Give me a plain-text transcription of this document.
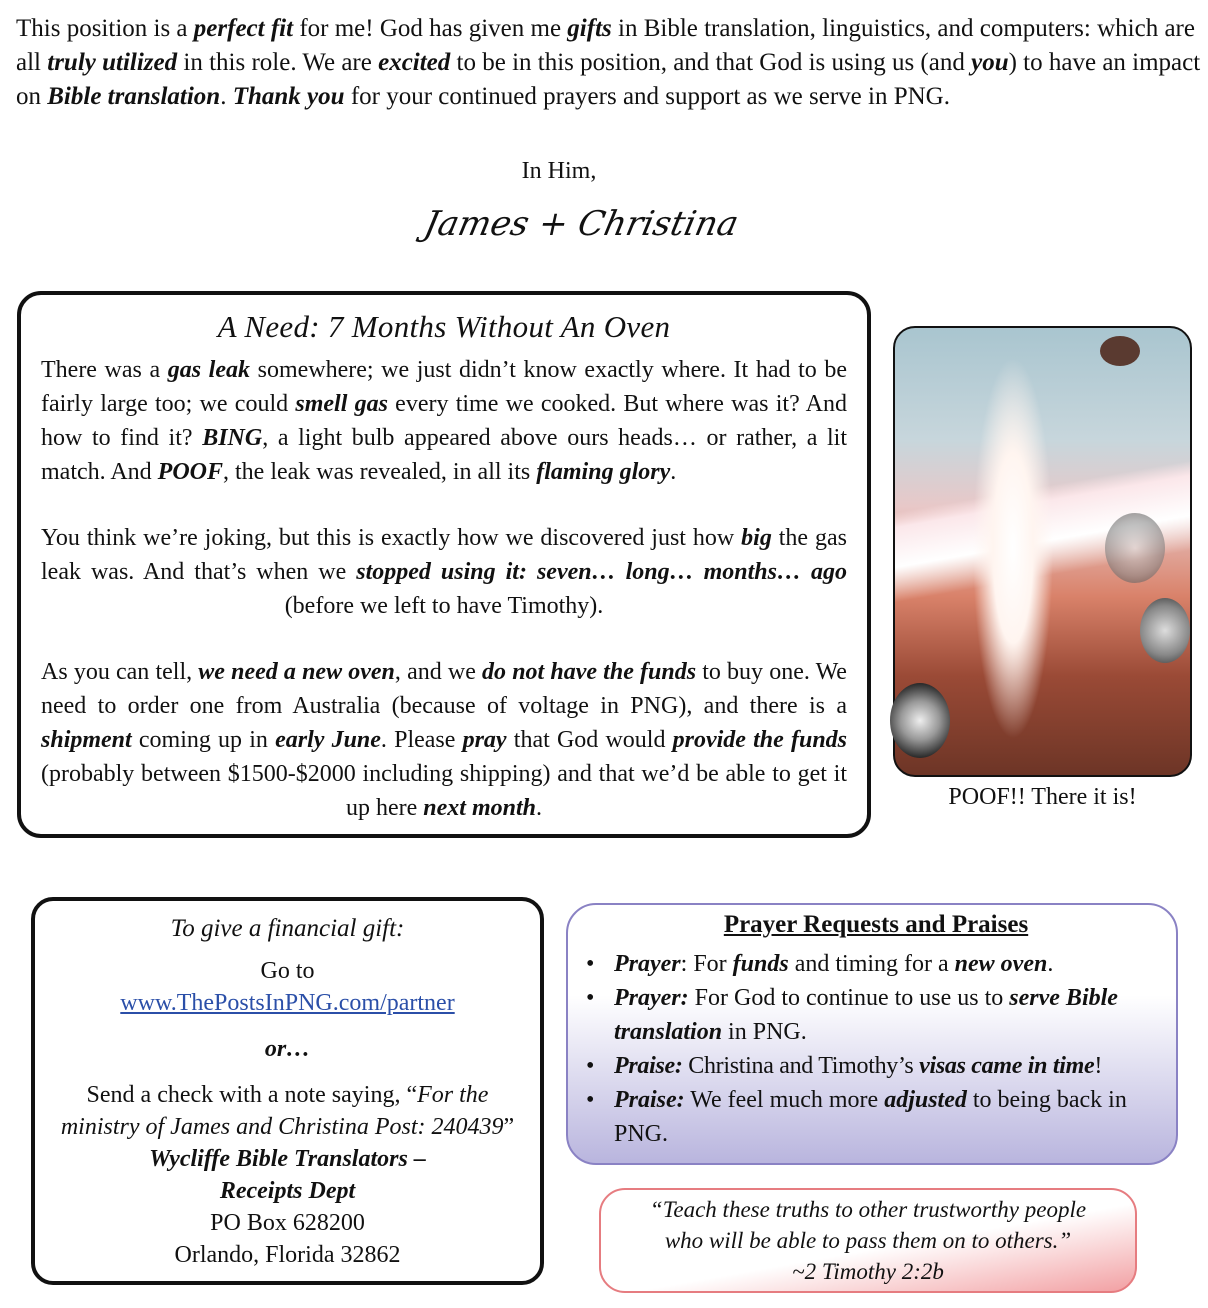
This position is a perfect fit for me! God has given me gifts in Bible translation, linguistics, and computers: which are all truly utilized in this role. We are excited to be in this position, and that God is using us (and you) to have an impact on Bible translation. Thank you for your continued prayers and support as we serve in PNG.

In Him,
James + Christina
A Need: 7 Months Without An Oven

There was a gas leak somewhere; we just didn’t know exactly where. It had to be fairly large too; we could smell gas every time we cooked. But where was it? And how to find it? BING, a light bulb appeared above ours heads… or rather, a lit match. And POOF, the leak was revealed, in all its flaming glory.

You think we’re joking, but this is exactly how we discovered just how big the gas leak was. And that’s when we stopped using it: seven… long… months… ago (before we left to have Timothy).

As you can tell, we need a new oven, and we do not have the funds to buy one. We need to order one from Australia (because of voltage in PNG), and there is a shipment coming up in early June. Please pray that God would provide the funds (probably between $1500-$2000 including shipping) and that we’d be able to get it up here next month.	POOF!! There it is!
To give a financial gift:
Go to
www.ThePostsInPNG.com/partner
or…
Send a check with a note saying, “For the ministry of James and Christina Post: 240439”
Wycliffe Bible Translators –
Receipts Dept
PO Box 628200
Orlando, Florida 32862
Prayer Requests and Praises
• Prayer: For funds and timing for a new oven.
• Prayer: For God to continue to use us to serve Bible translation in PNG.
• Praise: Christina and Timothy’s visas came in time!
• Praise: We feel much more adjusted to being back in PNG.
“Teach these truths to other trustworthy people
who will be able to pass them on to others.”
~2 Timothy 2:2b
